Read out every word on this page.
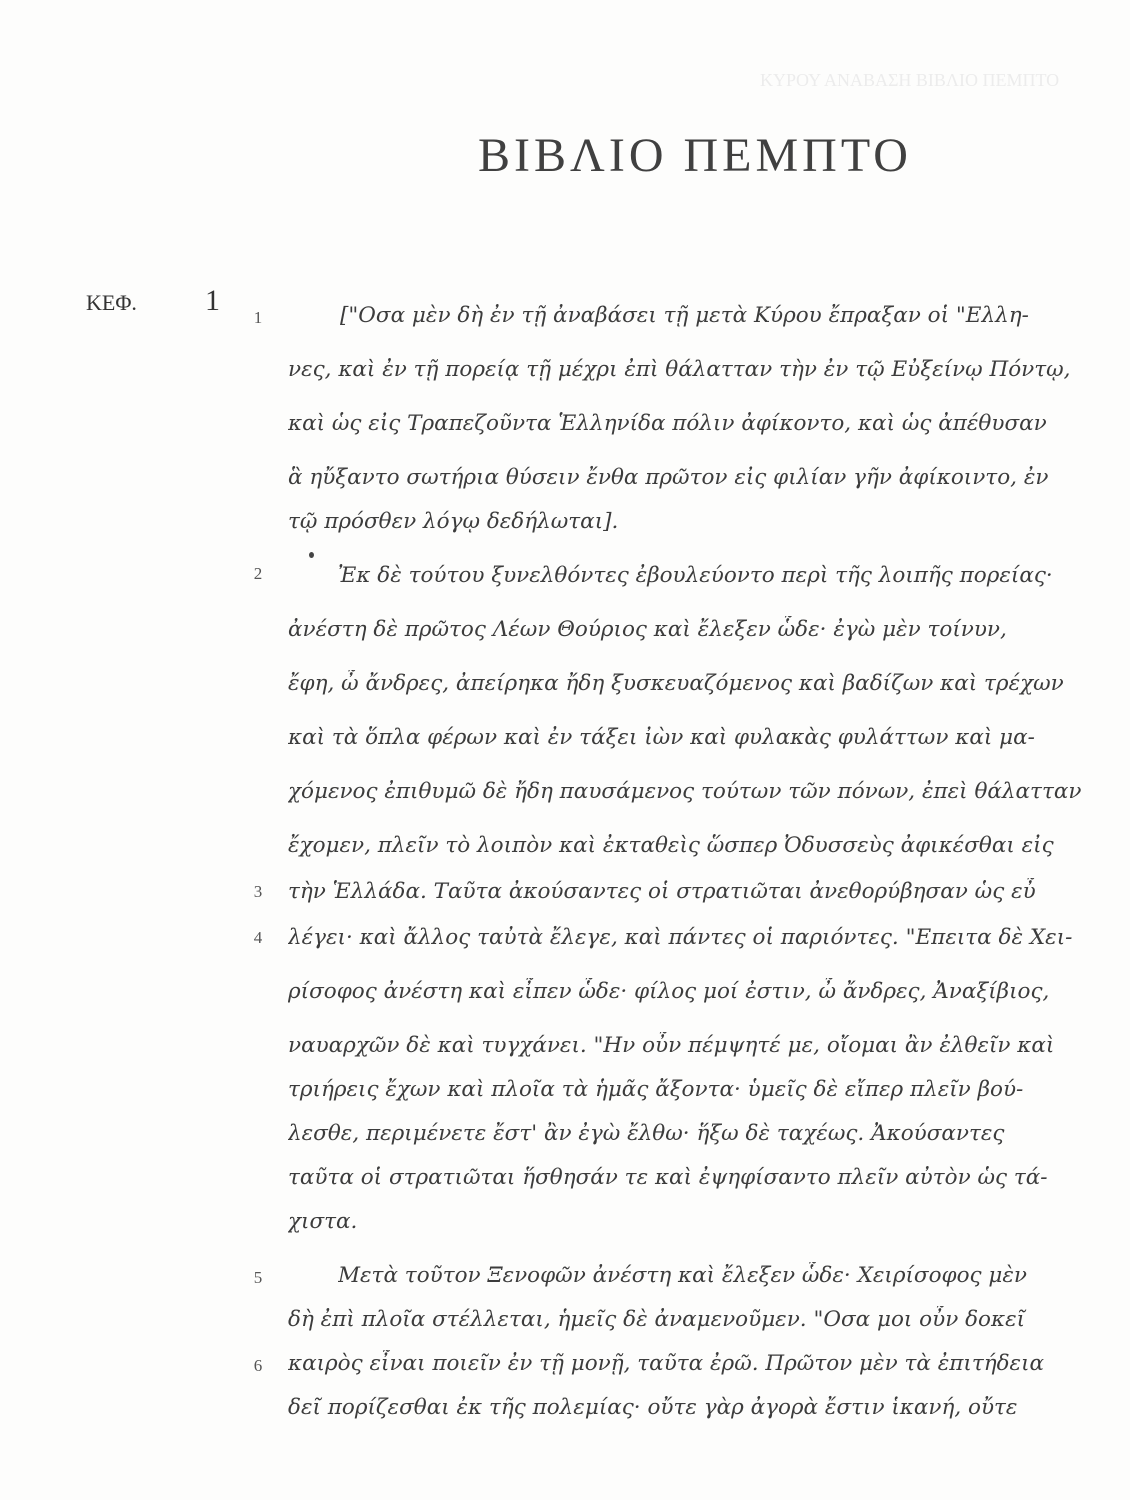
ΚΥΡΟΥ ΑΝΑΒΑΣΗ ΒΙΒΛΙΟ ΠΕΜΠΤΟ
ΒΙΒΛΙΟ ΠΕΜΠΤΟ
ΚΕΦ. 1
1
2
3
4
5
6
["Οσα μὲν δὴ ἐν τῇ ἀναβάσει τῇ μετὰ Κύρου ἔπραξαν οἱ "Ελλη-
νες, καὶ ἐν τῇ πορείᾳ τῇ μέχρι ἐπὶ θάλατταν τὴν ἐν τῷ Εὐξείνῳ Πόντῳ,
καὶ ὡς εἰς Τραπεζοῦντα Ἑλληνίδα πόλιν ἀφίκοντο, καὶ ὡς ἀπέθυσαν
ἃ ηὔξαντο σωτήρια θύσειν ἔνθα πρῶτον εἰς φιλίαν γῆν ἀφίκοιντο, ἐν
τῷ πρόσθεν λόγῳ δεδήλωται].
Ἐκ δὲ τούτου ξυνελθόντες ἐβουλεύοντο περὶ τῆς λοιπῆς πορείας·
ἀνέστη δὲ πρῶτος Λέων Θούριος καὶ ἔλεξεν ὧδε· ἐγὼ μὲν τοίνυν,
ἔφη, ὦ ἄνδρες, ἀπείρηκα ἤδη ξυσκευαζόμενος καὶ βαδίζων καὶ τρέχων
καὶ τὰ ὅπλα φέρων καὶ ἐν τάξει ἰὼν καὶ φυλακὰς φυλάττων καὶ μα-
χόμενος ἐπιθυμῶ δὲ ἤδη παυσάμενος τούτων τῶν πόνων, ἐπεὶ θάλατταν
ἔχομεν, πλεῖν τὸ λοιπὸν καὶ ἐκταθεὶς ὥσπερ Ὀδυσσεὺς ἀφικέσθαι εἰς
τὴν Ἑλλάδα. Ταῦτα ἀκούσαντες οἱ στρατιῶται ἀνεθορύβησαν ὡς εὖ
λέγει· καὶ ἄλλος ταὐτὰ ἔλεγε, καὶ πάντες οἱ παριόντες. "Επειτα δὲ Χει-
ρίσοφος ἀνέστη καὶ εἶπεν ὧδε· φίλος μοί ἐστιν, ὦ ἄνδρες, Ἀναξίβιος,
ναυαρχῶν δὲ καὶ τυγχάνει. "Ην οὖν πέμψητέ με, οἴομαι ἂν ἐλθεῖν καὶ
τριήρεις ἔχων καὶ πλοῖα τὰ ἡμᾶς ἄξοντα· ὑμεῖς δὲ εἴπερ πλεῖν βού-
λεσθε, περιμένετε ἔστ' ἂν ἐγὼ ἔλθω· ἥξω δὲ ταχέως. Ἀκούσαντες
ταῦτα οἱ στρατιῶται ἥσθησάν τε καὶ ἐψηφίσαντο πλεῖν αὐτὸν ὡς τά-
χιστα.
Μετὰ τοῦτον Ξενοφῶν ἀνέστη καὶ ἔλεξεν ὧδε· Χειρίσοφος μὲν
δὴ ἐπὶ πλοῖα στέλλεται, ἡμεῖς δὲ ἀναμενοῦμεν. "Οσα μοι οὖν δοκεῖ
καιρὸς εἶναι ποιεῖν ἐν τῇ μονῇ, ταῦτα ἐρῶ. Πρῶτον μὲν τὰ ἐπιτήδεια
δεῖ πορίζεσθαι ἐκ τῆς πολεμίας· οὔτε γὰρ ἀγορὰ ἔστιν ἱκανή, οὔτε
